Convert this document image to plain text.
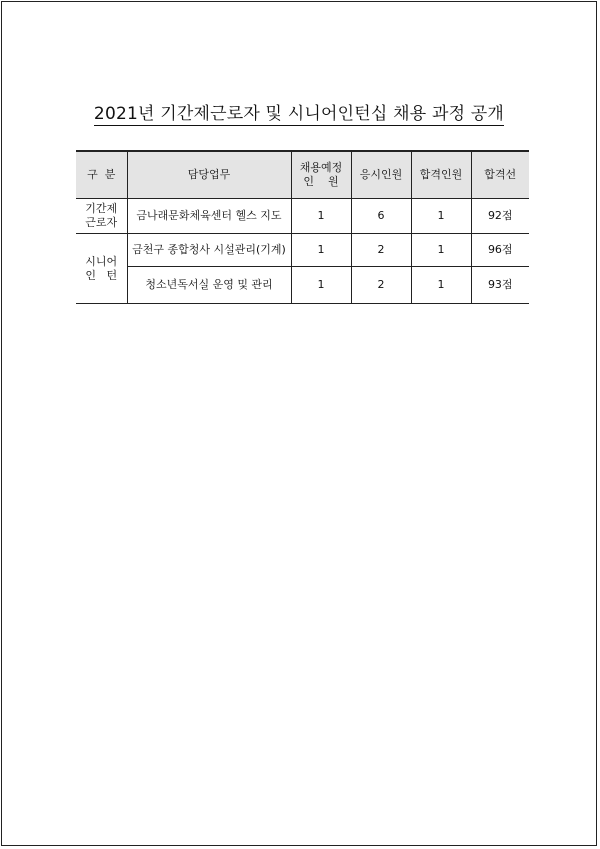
2021년 기간제근로자 및 시니어인턴십 채용 과정 공개
구  분	담당업무	채용예정
인    원	응시인원	합격인원	합격선

기간제
근로자	금나래문화체육센터 헬스 지도	1	6	1	92점

시니어
인   턴	금천구 종합청사 시설관리(기계)	1	2	1	96점
	청소년독서실 운영 및 관리	1	2	1	93점
